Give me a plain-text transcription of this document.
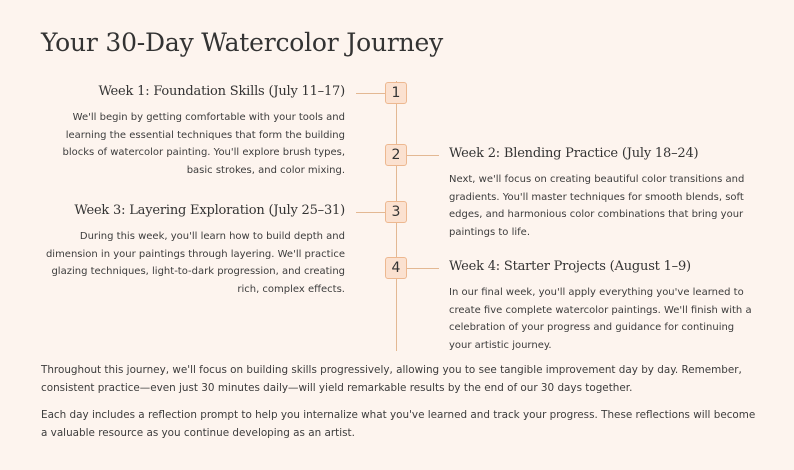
Your 30-Day Watercolor Journey
1
Week 1: Foundation Skills (July 11–17)

We'll begin by getting comfortable with your tools and learning the essential techniques that form the building blocks of watercolor painting. You'll explore brush types, basic strokes, and color mixing.

2	Week 2: Blending Practice (July 18–24)

Next, we'll focus on creating beautiful color transitions and gradients. You'll master techniques for smooth blends, soft edges, and harmonious color combinations that bring your paintings to life.

3
Week 3: Layering Exploration (July 25–31)

During this week, you'll learn how to build depth and dimension in your paintings through layering. We'll practice glazing techniques, light-to-dark progression, and creating rich, complex effects.

4	Week 4: Starter Projects (August 1–9)

In our final week, you'll apply everything you've learned to create five complete watercolor paintings. We'll finish with a celebration of your progress and guidance for continuing your artistic journey.

Throughout this journey, we'll focus on building skills progressively, allowing you to see tangible improvement day by day. Remember, consistent practice—even just 30 minutes daily—will yield remarkable results by the end of our 30 days together.

Each day includes a reflection prompt to help you internalize what you've learned and track your progress. These reflections will become a valuable resource as you continue developing as an artist.
